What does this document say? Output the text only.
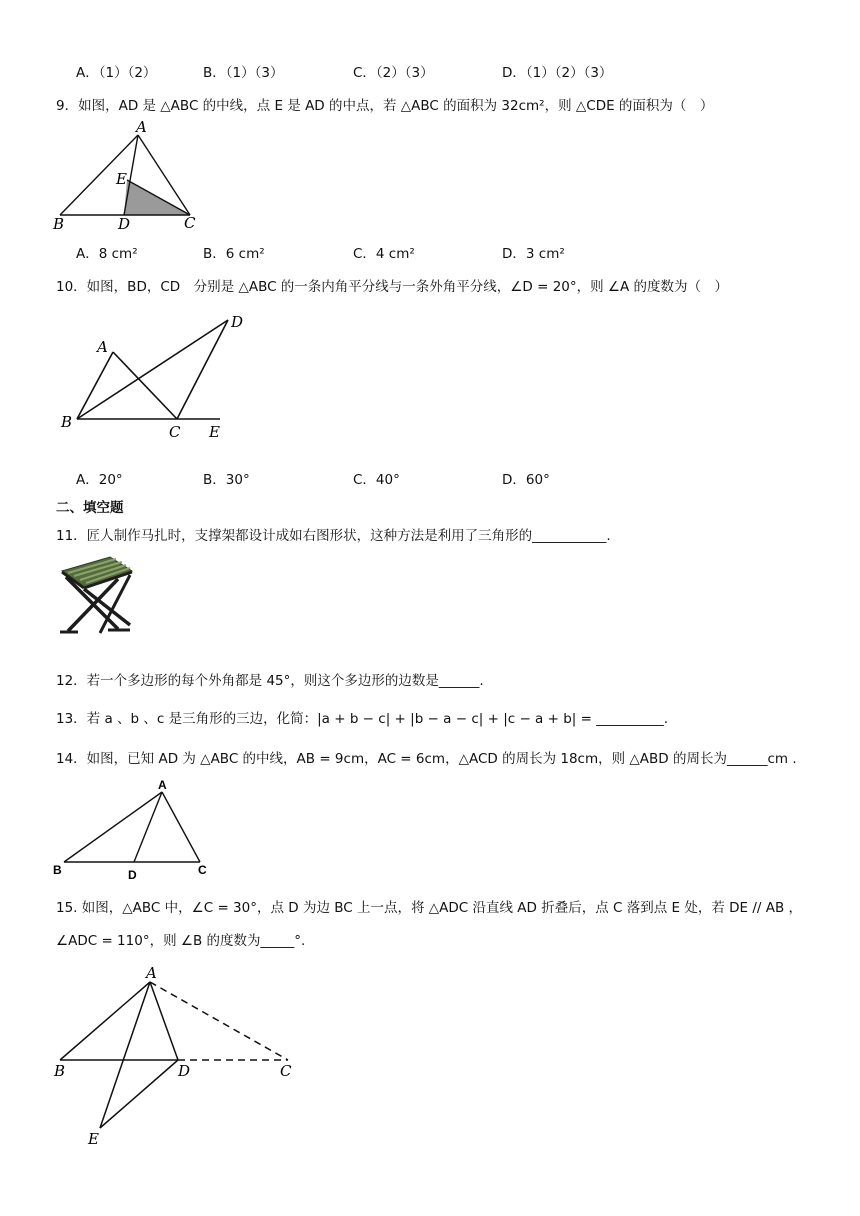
A．（1）（2）	B．（1）（3）	C．（2）（3）	D．（1）（2）（3）
9．如图，AD 是 △ABC 的中线，点 E 是 AD 的中点，若 △ABC 的面积为 32cm²，则 △CDE 的面积为（　）
A
E
B	D	C
A．8 cm²	B．6 cm²	C．4 cm²	D．3 cm²
10．如图，BD，CD　分别是 △ABC 的一条内角平分线与一条外角平分线，∠D = 20°，则 ∠A 的度数为（　）
A
D
B
C E
A．20°	B．30°	C．40°	D．60°
二、填空题
11．匠人制作马扎时，支撑架都设计成如右图形状，这种方法是利用了三角形的___________.
12．若一个多边形的每个外角都是 45°，则这个多边形的边数是______.
13．若 a 、b 、c 是三角形的三边，化简：|a + b − c| + |b − a − c| + |c − a + b| = __________.
14．如图，已知 AD 为 △ABC 的中线，AB = 9cm，AC = 6cm，△ACD 的周长为 18cm，则 △ABD 的周长为______cm .
A
B	D	C
15. 如图，△ABC 中，∠C = 30°，点 D 为边 BC 上一点，将 △ADC 沿直线 AD 折叠后，点 C 落到点 E 处，若 DE // AB ，
∠ADC = 110°，则 ∠B 的度数为_____°.
A
B	D	C
E
